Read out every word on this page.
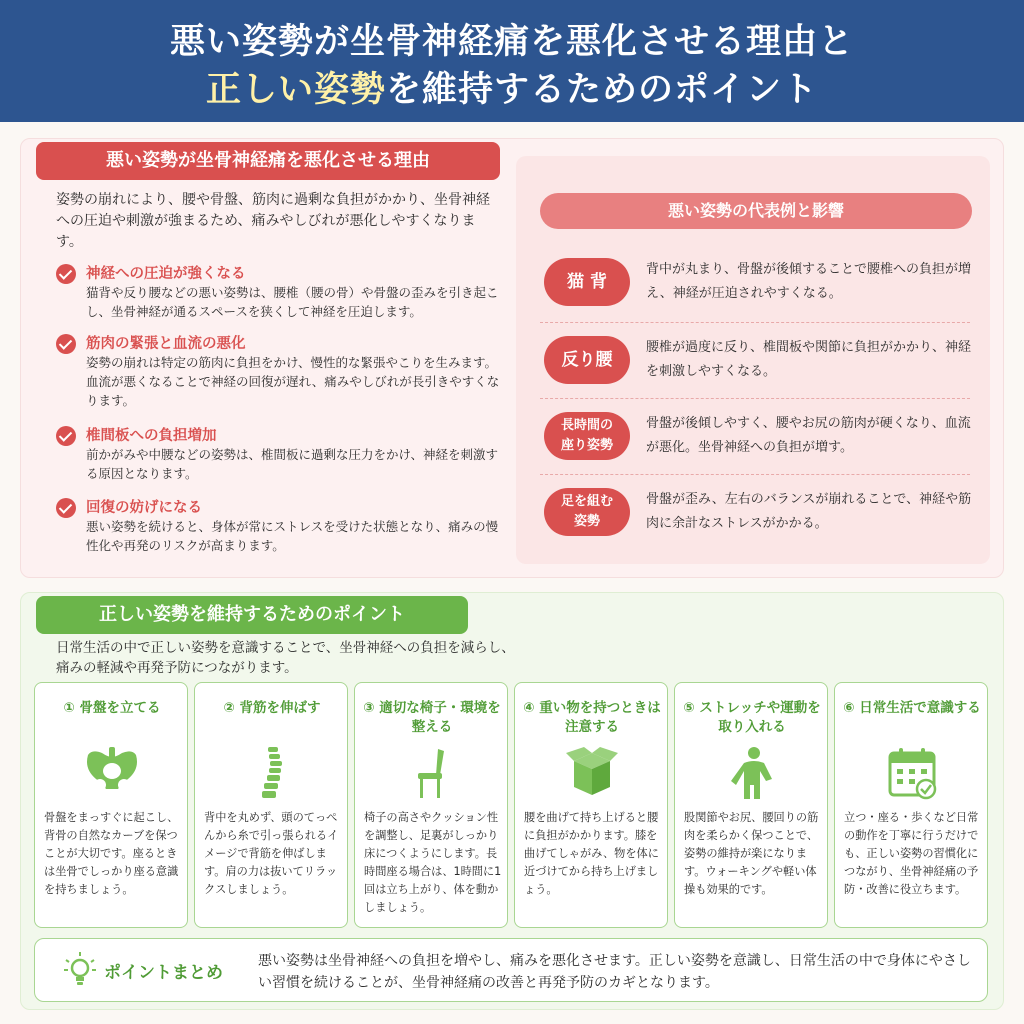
悪い姿勢が坐骨神経痛を悪化させる理由と
正しい姿勢を維持するためのポイント
悪い姿勢が坐骨神経痛を悪化させる理由
姿勢の崩れにより、腰や骨盤、筋肉に過剰な負担がかかり、坐骨神経への圧迫や刺激が強まるため、痛みやしびれが悪化しやすくなります。
神経への圧迫が強くなる
猫背や反り腰などの悪い姿勢は、腰椎（腰の骨）や骨盤の歪みを引き起こし、坐骨神経が通るスペースを狭くして神経を圧迫します。
筋肉の緊張と血流の悪化
姿勢の崩れは特定の筋肉に負担をかけ、慢性的な緊張やこりを生みます。血流が悪くなることで神経の回復が遅れ、痛みやしびれが長引きやすくなります。
椎間板への負担増加
前かがみや中腰などの姿勢は、椎間板に過剰な圧力をかけ、神経を刺激する原因となります。
回復の妨げになる
悪い姿勢を続けると、身体が常にストレスを受けた状態となり、痛みの慢性化や再発のリスクが高まります。
悪い姿勢の代表例と影響
猫 背
背中が丸まり、骨盤が後傾することで腰椎への負担が増え、神経が圧迫されやすくなる。
反り腰
腰椎が過度に反り、椎間板や関節に負担がかかり、神経を刺激しやすくなる。
長時間の座り姿勢
骨盤が後傾しやすく、腰やお尻の筋肉が硬くなり、血流が悪化。坐骨神経への負担が増す。
足を組む姿勢
骨盤が歪み、左右のバランスが崩れることで、神経や筋肉に余計なストレスがかかる。
正しい姿勢を維持するためのポイント
日常生活の中で正しい姿勢を意識することで、坐骨神経への負担を減らし、痛みの軽減や再発予防につながります。
① 骨盤を立てる
骨盤をまっすぐに起こし、背骨の自然なカーブを保つことが大切です。座るときは坐骨でしっかり座る意識を持ちましょう。
② 背筋を伸ばす
背中を丸めず、頭のてっぺんから糸で引っ張られるイメージで背筋を伸ばします。肩の力は抜いてリラックスしましょう。
③ 適切な椅子・環境を整える
椅子の高さやクッション性を調整し、足裏がしっかり床につくようにします。長時間座る場合は、1時間に1回は立ち上がり、体を動かしましょう。
④ 重い物を持つときは注意する
腰を曲げて持ち上げると腰に負担がかかります。膝を曲げてしゃがみ、物を体に近づけてから持ち上げましょう。
⑤ ストレッチや運動を取り入れる
股関節やお尻、腰回りの筋肉を柔らかく保つことで、姿勢の維持が楽になります。ウォーキングや軽い体操も効果的です。
⑥ 日常生活で意識する
立つ・座る・歩くなど日常の動作を丁寧に行うだけでも、正しい姿勢の習慣化につながり、坐骨神経痛の予防・改善に役立ちます。
ポイントまとめ
悪い姿勢は坐骨神経への負担を増やし、痛みを悪化させます。正しい姿勢を意識し、日常生活の中で身体にやさしい習慣を続けることが、坐骨神経痛の改善と再発予防のカギとなります。
